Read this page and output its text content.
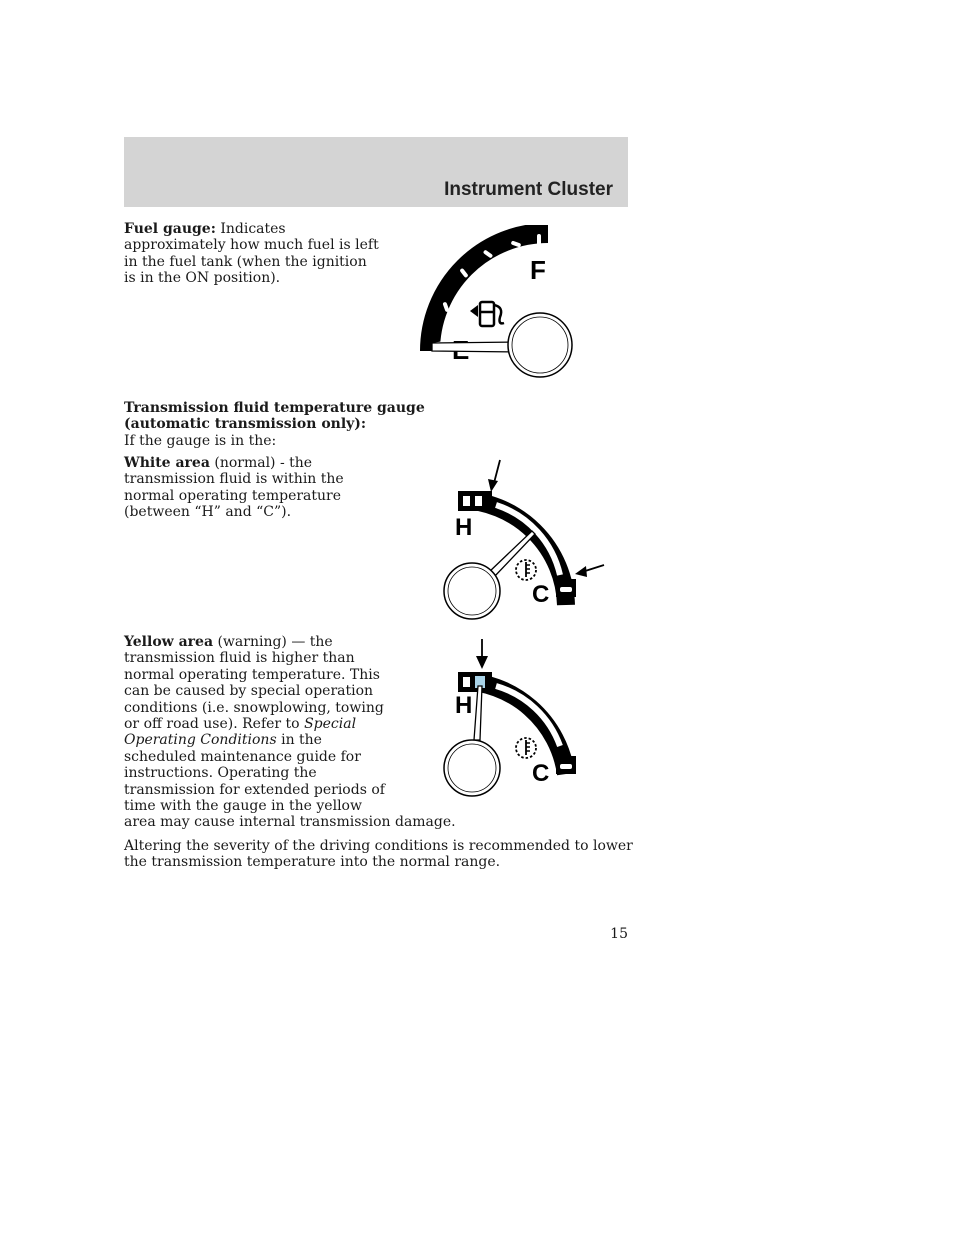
Instrument Cluster
Fuel gauge: Indicates
approximately how much fuel is left
in the fuel tank (when the ignition
is in the ON position).	F
Transmission fluid temperature gauge
(automatic transmission only):
If the gauge is in the:
White area (normal) - the
transmission fluid is within the
normal operating temperature
(between “H” and “C”).
H
C
Yellow area (warning) — the
transmission fluid is higher than
normal operating temperature. This
can be caused by special operation
conditions (i.e. snowplowing, towing
or off road use). Refer to Special
Operating Conditions in the
scheduled maintenance guide for
instructions. Operating the
transmission for extended periods of
time with the gauge in the yellow
area may cause internal transmission damage.
H
C
Altering the severity of the driving conditions is recommended to lower
the transmission temperature into the normal range.
15
